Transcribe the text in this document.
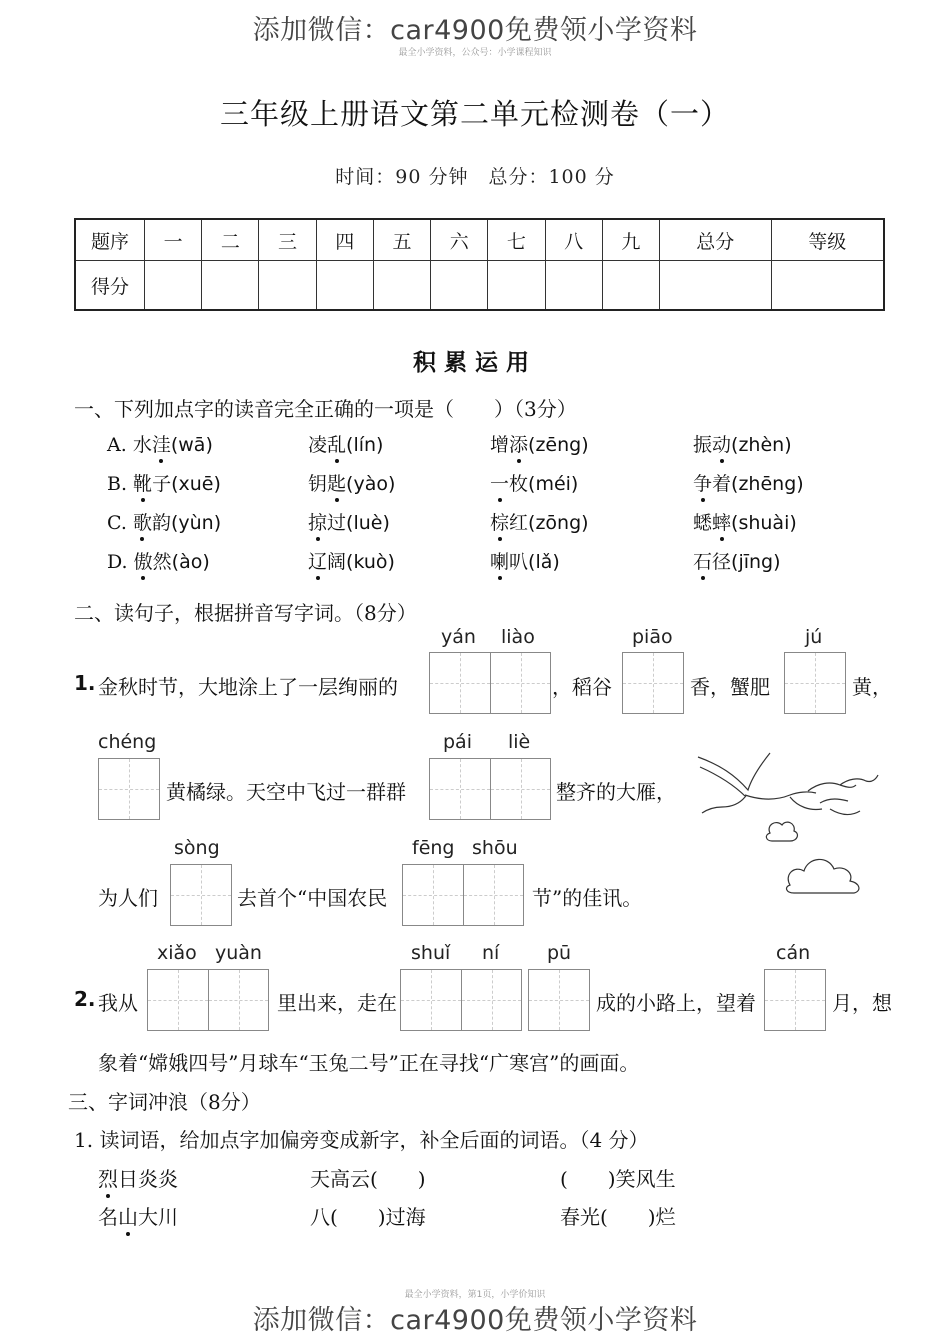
添加微信：car4900免费领小学资料
最全小学资料，公众号：小学课程知识
三年级上册语文第二单元检测卷（一）
时间：90 分钟　总分：100 分
题序	一	二	三	四	五	六	七	八	九	总分	等级
得分											
积累运用
一、下列加点字的读音完全正确的一项是（　　）（3分）
A. 水洼(wā)	凌乱(lín)	增添(zēng)	振动(zhèn)
B. 靴子(xuē)	钥匙(yào)	一枚(méi)	争着(zhēng)
C. 歌韵(yùn)	掠过(luè)	棕红(zōng)	蟋蟀(shuài)
D. 傲然(ào)	辽阔(kuò)	喇叭(lǎ)	石径(jīng)
二、读句子，根据拼音写字词。（8分）
yán liào	piāo	jú
1. 金秋时节，大地涂上了一层绚丽的	，稻谷	香，蟹肥	黄，
chéng	pái liè
黄橘绿。天空中飞过一群群	整齐的大雁，
sòng	fēng shōu
为人们	去首个“中国农民	节”的佳讯。
xiǎo yuàn	shuǐ ní	pū	cán
2. 我从	里出来，走在	成的小路上，望着	月，想
象着“嫦娥四号”月球车“玉兔二号”正在寻找“广寒宫”的画面。
三、字词冲浪（8分）
1. 读词语，给加点字加偏旁变成新字，补全后面的词语。（4 分）
烈日炎炎	天高云(　　)	(　　)笑风生
名山大川	八(　　)过海	春光(　　)烂
最全小学资料，第1页，小学价知识
添加微信：car4900免费领小学资料
